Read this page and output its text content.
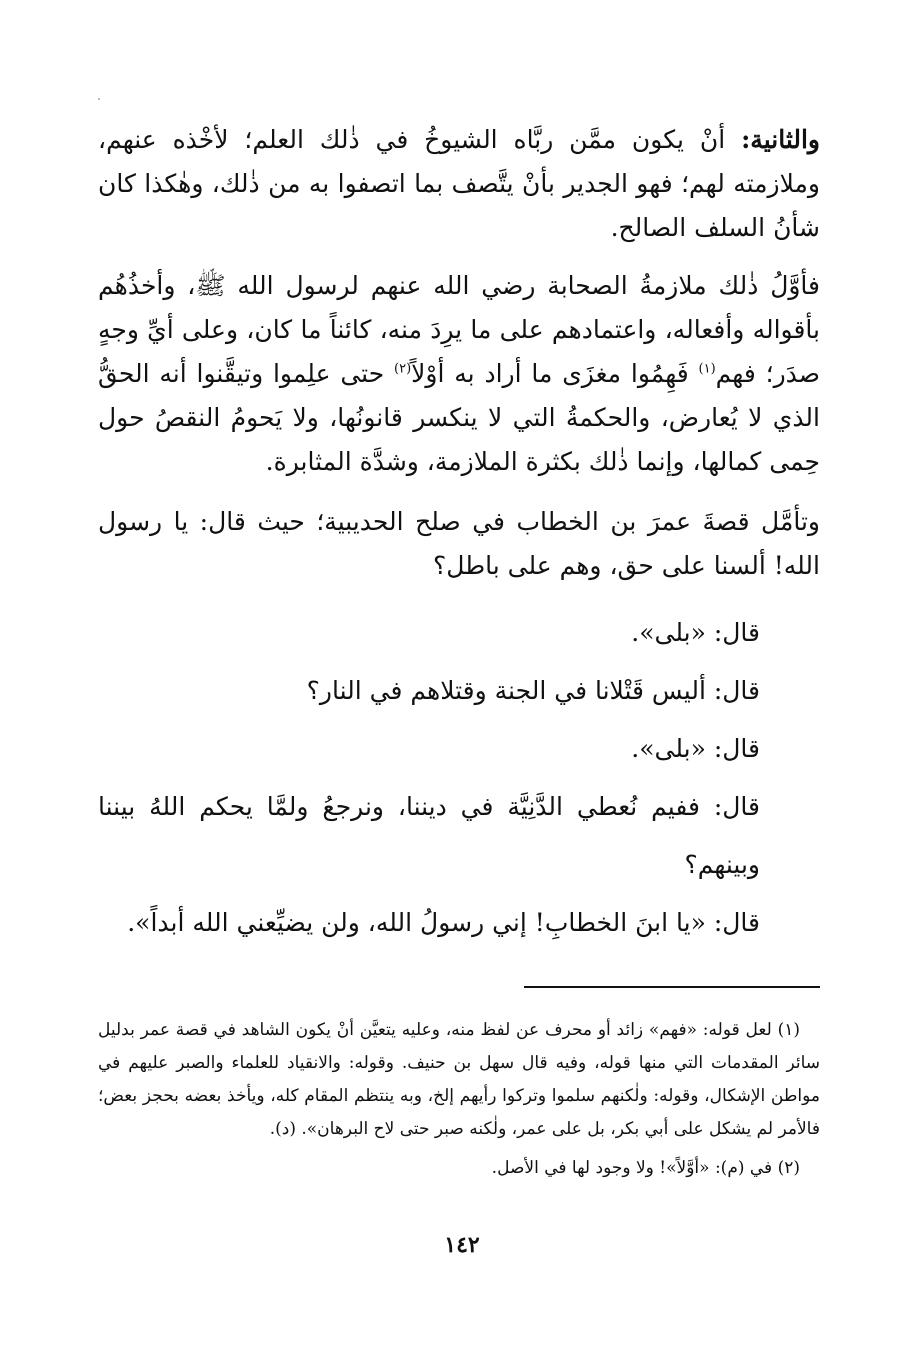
والثانية: أنْ يكون ممَّن ربَّاه الشيوخُ في ذٰلك العلم؛ لأخْذه عنهم، وملازمته لهم؛ فهو الجدير بأنْ يتَّصف بما اتصفوا به من ذٰلك، وهٰكذا كان شأنُ السلف الصالح.

فأوَّلُ ذٰلك ملازمةُ الصحابة رضي الله عنهم لرسول الله ﷺ، وأخذُهُم بأقواله وأفعاله، واعتمادهم على ما يرِدَ منه، كائناً ما كان، وعلى أيِّ وجهٍ صدَر؛ فهم$^{(١)}$ فَهِمُوا مغزَى ما أراد به أوْلاً$^{(٢)}$ حتى علِموا وتيقَّنوا أنه الحقُّ الذي لا يُعارض، والحكمةُ التي لا ينكسر قانونُها، ولا يَحومُ النقصُ حول حِمى كمالها، وإنما ذٰلك بكثرة الملازمة، وشدَّة المثابرة.

وتأمَّل قصةَ عمرَ بن الخطاب في صلح الحديبية؛ حيث قال: يا رسول الله! ألسنا على حق، وهم على باطل؟

قال: «بلى».
قال: أليس قَتْلانا في الجنة وقتلاهم في النار؟
قال: «بلى».
قال: ففيم نُعطي الدَّنِيَّة في ديننا، ونرجعُ ولمَّا يحكم اللهُ بيننا وبينهم؟
قال: «يا ابنَ الخطابِ! إني رسولُ الله، ولن يضيِّعني الله أبداً».

(١) لعل قوله: «فهم» زائد أو محرف عن لفظ منه، وعليه يتعيَّن أنْ يكون الشاهد في قصة عمر بدليل سائر المقدمات التي منها قوله، وفيه قال سهل بن حنيف. وقوله: والانقياد للعلماء والصبر عليهم في مواطن الإشكال، وقوله: ولٰكنهم سلموا وتركوا رأيهم إلخ، وبه ينتظم المقام كله، ويأخذ بعضه بحجز بعض؛ فالأمر لم يشكل على أبي بكر، بل على عمر، ولٰكنه صبر حتى لاح البرهان». (د).

(٢) في (م): «أوَّلاً»! ولا وجود لها في الأصل.

١٤٢
